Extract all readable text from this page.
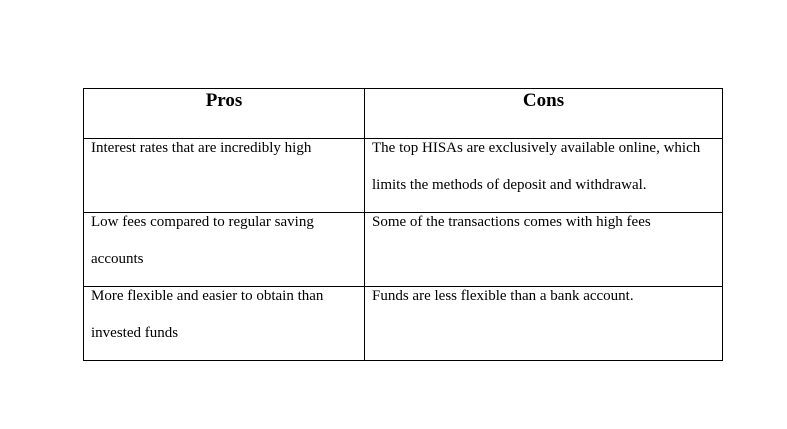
Pros	Cons

Interest rates that are incredibly high	The top HISAs are exclusively available online, which limits the methods of deposit and withdrawal.

Low fees compared to regular saving accounts	Some of the transactions comes with high fees

More flexible and easier to obtain than invested funds	Funds are less flexible than a bank account.
